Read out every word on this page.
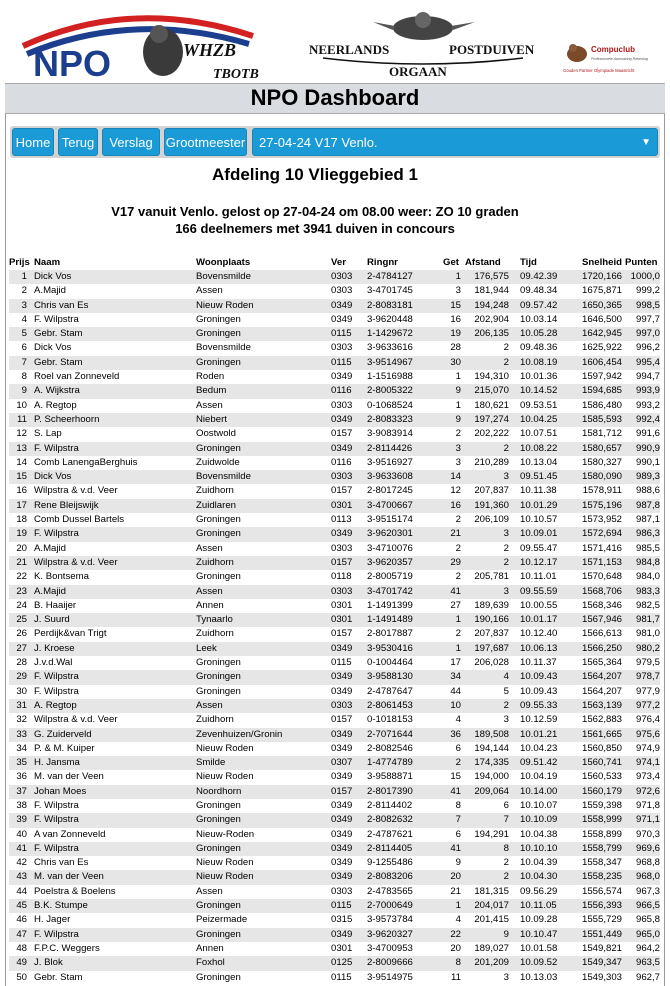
NPO	WHZB
TBOTB
NEERLANDS	POSTDUIVEN
ORGAAN
Compuclub
Professionele Aanmaking Rekening
Gouden Partner Olympiade Maastricht
NPO Dashboard
Home Terug	Verslag	Grootmeester	27-04-24 V17 Venlo.	▼
Afdeling 10 Vlieggebied 1
V17 vanuit Venlo. gelost op 27-04-24 om 08.00 weer: ZO 10 graden
166 deelnemers met 3941 duiven in concours
Prijs Naam	Woonplaats	Ver	Ringnr	Get Afstand	Tijd	Snelheid Punten
1 Dick Vos	Bovensmilde	0303	2-4784127	1	176,575 09.42.39	1720,166 1000,0
2 A.Majid	Assen	0303	3-4701745	3	181,944 09.48.34	1675,871	999,2
3 Chris van Es	Nieuw Roden	0349	2-8083181	15	194,248 09.57.42	1650,365	998,5
4 F. Wilpstra	Groningen	0349	3-9620448	16	202,904 10.03.14	1646,500	997,7
5 Gebr. Stam	Groningen	0115	1-1429672	19	206,135 10.05.28	1642,945	997,0
6 Dick Vos	Bovensmilde	0303	3-9633616	28	2 09.48.36	1625,922	996,2
7 Gebr. Stam	Groningen	0115	3-9514967	30	2 10.08.19	1606,454	995,4
8 Roel van Zonneveld	Roden	0349	1-1516988	1	194,310 10.01.36	1597,942	994,7
9 A. Wijkstra	Bedum	0116	2-8005322	9	215,070 10.14.52	1594,685	993,9
10 A. Regtop	Assen	0303	0-1068524	1	180,621 09.53.51	1586,480	993,2
11 P. Scheerhoorn	Niebert	0349	2-8083323	9	197,274 10.04.25	1585,593	992,4
12 S. Lap	Oostwold	0157	3-9083914	2	202,222 10.07.51	1581,712	991,6
13 F. Wilpstra	Groningen	0349	2-8114426	3	2 10.08.22	1580,657	990,9
14 Comb LanengaBerghuis	Zuidwolde	0116	3-9516927	3	210,289 10.13.04	1580,327	990,1
15 Dick Vos	Bovensmilde	0303	3-9633608	14	3 09.51.45	1580,090	989,3
16 Wilpstra & v.d. Veer	Zuidhorn	0157	2-8017245	12	207,837 10.11.38	1578,911	988,6
17 Rene Bleijswijk	Zuidlaren	0301	3-4700667	16	191,360 10.01.29	1575,196	987,8
18 Comb Dussel Bartels	Groningen	0113	3-9515174	2	206,109 10.10.57	1573,952	987,1
19 F. Wilpstra	Groningen	0349	3-9620301	21	3 10.09.01	1572,694	986,3
20 A.Majid	Assen	0303	3-4710076	2	2 09.55.47	1571,416	985,5
21 Wilpstra & v.d. Veer	Zuidhorn	0157	3-9620357	29	2 10.12.17	1571,153	984,8
22 K. Bontsema	Groningen	0118	2-8005719	2	205,781 10.11.01	1570,648	984,0
23 A.Majid	Assen	0303	3-4701742	41	3 09.55.59	1568,706	983,3
24 B. Haaijer	Annen	0301	1-1491399	27	189,639 10.00.55	1568,346	982,5
25 J. Suurd	Tynaarlo	0301	1-1491489	1	190,166 10.01.17	1567,946	981,7
26 Perdijk&van Trigt	Zuidhorn	0157	2-8017887	2	207,837 10.12.40	1566,613	981,0
27 J. Kroese	Leek	0349	3-9530416	1	197,687 10.06.13	1566,250	980,2
28 J.v.d.Wal	Groningen	0115	0-1004464	17	206,028 10.11.37	1565,364	979,5
29 F. Wilpstra	Groningen	0349	3-9588130	34	4 10.09.43	1564,207	978,7
30 F. Wilpstra	Groningen	0349	2-4787647	44	5 10.09.43	1564,207	977,9
31 A. Regtop	Assen	0303	2-8061453	10	2 09.55.33	1563,139	977,2
32 Wilpstra & v.d. Veer	Zuidhorn	0157	0-1018153	4	3 10.12.59	1562,883	976,4
33 G. Zuiderveld	Zevenhuizen/Gronin	0349	2-7071644	36	189,508 10.01.21	1561,665	975,6
34 P. & M. Kuiper	Nieuw Roden	0349	2-8082546	6	194,144 10.04.23	1560,850	974,9
35 H. Jansma	Smilde	0307	1-4774789	2	174,335 09.51.42	1560,741	974,1
36 M. van der Veen	Nieuw Roden	0349	3-9588871	15	194,000 10.04.19	1560,533	973,4
37 Johan Moes	Noordhorn	0157	2-8017390	41	209,064 10.14.00	1560,179	972,6
38 F. Wilpstra	Groningen	0349	2-8114402	8	6 10.10.07	1559,398	971,8
39 F. Wilpstra	Groningen	0349	2-8082632	7	7 10.10.09	1558,999	971,1
40 A van Zonneveld	Nieuw-Roden	0349	2-4787621	6	194,291 10.04.38	1558,899	970,3
41 F. Wilpstra	Groningen	0349	2-8114405	41	8 10.10.10	1558,799	969,6
42 Chris van Es	Nieuw Roden	0349	9-1255486	9	2 10.04.39	1558,347	968,8
43 M. van der Veen	Nieuw Roden	0349	2-8083206	20	2 10.04.30	1558,235	968,0
44 Poelstra & Boelens	Assen	0303	2-4783565	21	181,315 09.56.29	1556,574	967,3
45 B.K. Stumpe	Groningen	0115	2-7000649	1	204,017 10.11.05	1556,393	966,5
46 H. Jager	Peizermade	0315	3-9573784	4	201,415 10.09.28	1555,729	965,8
47 F. Wilpstra	Groningen	0349	3-9620327	22	9 10.10.47	1551,449	965,0
48 F.P.C. Weggers	Annen	0301	3-4700953	20	189,027 10.01.58	1549,821	964,2
49 J. Blok	Foxhol	0125	2-8009666	8	201,209 10.09.52	1549,347	963,5
50 Gebr. Stam	Groningen	0115	3-9514975	11	3 10.13.03	1549,303	962,7
